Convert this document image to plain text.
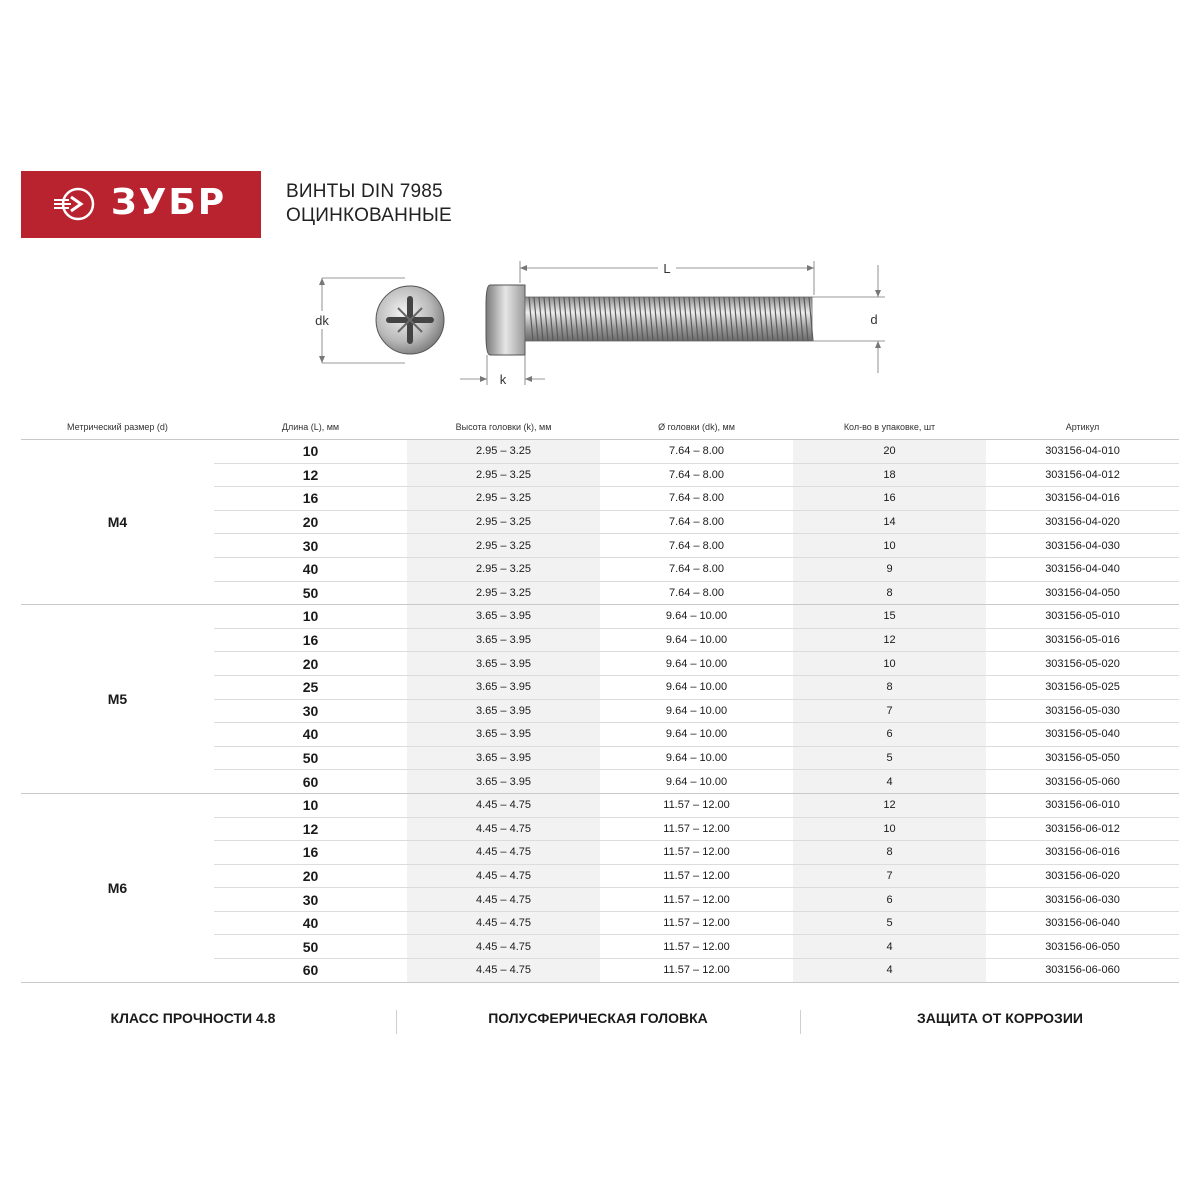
ЗУБР	ВИНТЫ DIN 7985
ОЦИНКОВАННЫЕ
dk
L
d
k
Метрический размер (d)	Длина (L), мм	Высота головки (k), мм	Ø головки (dk), мм	Кол-во в упаковке, шт	Артикул
M4
10	2.95 – 3.25	7.64 – 8.00	20	303156-04-010
12	2.95 – 3.25	7.64 – 8.00	18	303156-04-012
16	2.95 – 3.25	7.64 – 8.00	16	303156-04-016
20	2.95 – 3.25	7.64 – 8.00	14	303156-04-020
30	2.95 – 3.25	7.64 – 8.00	10	303156-04-030
40	2.95 – 3.25	7.64 – 8.00	9	303156-04-040
50	2.95 – 3.25	7.64 – 8.00	8	303156-04-050
M5
10	3.65 – 3.95	9.64 – 10.00	15	303156-05-010
16	3.65 – 3.95	9.64 – 10.00	12	303156-05-016
20	3.65 – 3.95	9.64 – 10.00	10	303156-05-020
25	3.65 – 3.95	9.64 – 10.00	8	303156-05-025
30	3.65 – 3.95	9.64 – 10.00	7	303156-05-030
40	3.65 – 3.95	9.64 – 10.00	6	303156-05-040
50	3.65 – 3.95	9.64 – 10.00	5	303156-05-050
60	3.65 – 3.95	9.64 – 10.00	4	303156-05-060
M6
10	4.45 – 4.75	11.57 – 12.00	12	303156-06-010
12	4.45 – 4.75	11.57 – 12.00	10	303156-06-012
16	4.45 – 4.75	11.57 – 12.00	8	303156-06-016
20	4.45 – 4.75	11.57 – 12.00	7	303156-06-020
30	4.45 – 4.75	11.57 – 12.00	6	303156-06-030
40	4.45 – 4.75	11.57 – 12.00	5	303156-06-040
50	4.45 – 4.75	11.57 – 12.00	4	303156-06-050
60	4.45 – 4.75	11.57 – 12.00	4	303156-06-060
КЛАСС ПРОЧНОСТИ 4.8	ПОЛУСФЕРИЧЕСКАЯ ГОЛОВКА	ЗАЩИТА ОТ КОРРОЗИИ
